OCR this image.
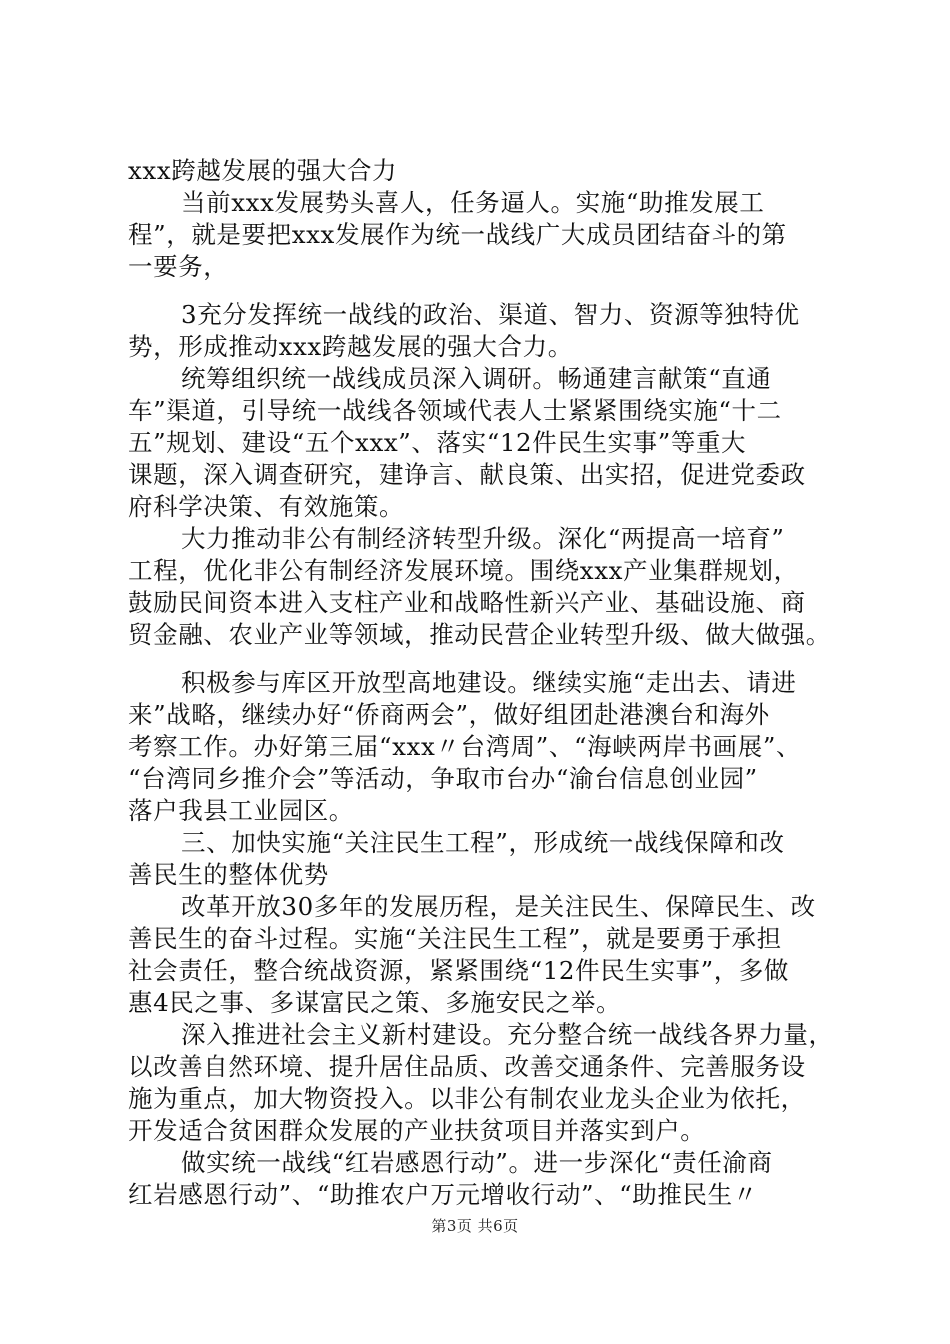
xxx跨越发展的强大合力
当前xxx发展势头喜人，任务逼人。实施“助推发展工
程”，就是要把xxx发展作为统一战线广大成员团结奋斗的第
一要务，
3充分发挥统一战线的政治、渠道、智力、资源等独特优
势，形成推动xxx跨越发展的强大合力。
统筹组织统一战线成员深入调研。畅通建言献策“直通
车”渠道，引导统一战线各领域代表人士紧紧围绕实施“十二
五”规划、建设“五个xxx”、落实“12件民生实事”等重大
课题，深入调查研究，建诤言、献良策、出实招，促进党委政
府科学决策、有效施策。
大力推动非公有制经济转型升级。深化“两提高一培育”
工程，优化非公有制经济发展环境。围绕xxx产业集群规划，
鼓励民间资本进入支柱产业和战略性新兴产业、基础设施、商
贸金融、农业产业等领域，推动民营企业转型升级、做大做强。
积极参与库区开放型高地建设。继续实施“走出去、请进
来”战略，继续办好“侨商两会”，做好组团赴港澳台和海外
考察工作。办好第三届“xxx〃台湾周”、“海峡两岸书画展”、
“台湾同乡推介会”等活动，争取市台办“渝台信息创业园”
落户我县工业园区。
三、加快实施“关注民生工程”，形成统一战线保障和改
善民生的整体优势
改革开放30多年的发展历程，是关注民生、保障民生、改
善民生的奋斗过程。实施“关注民生工程”，就是要勇于承担
社会责任，整合统战资源，紧紧围绕“12件民生实事”，多做
惠4民之事、多谋富民之策、多施安民之举。
深入推进社会主义新村建设。充分整合统一战线各界力量，
以改善自然环境、提升居住品质、改善交通条件、完善服务设
施为重点，加大物资投入。以非公有制农业龙头企业为依托，
开发适合贫困群众发展的产业扶贫项目并落实到户。
做实统一战线“红岩感恩行动”。进一步深化“责任渝商
红岩感恩行动”、“助推农户万元增收行动”、“助推民生〃
第3页 共6页
